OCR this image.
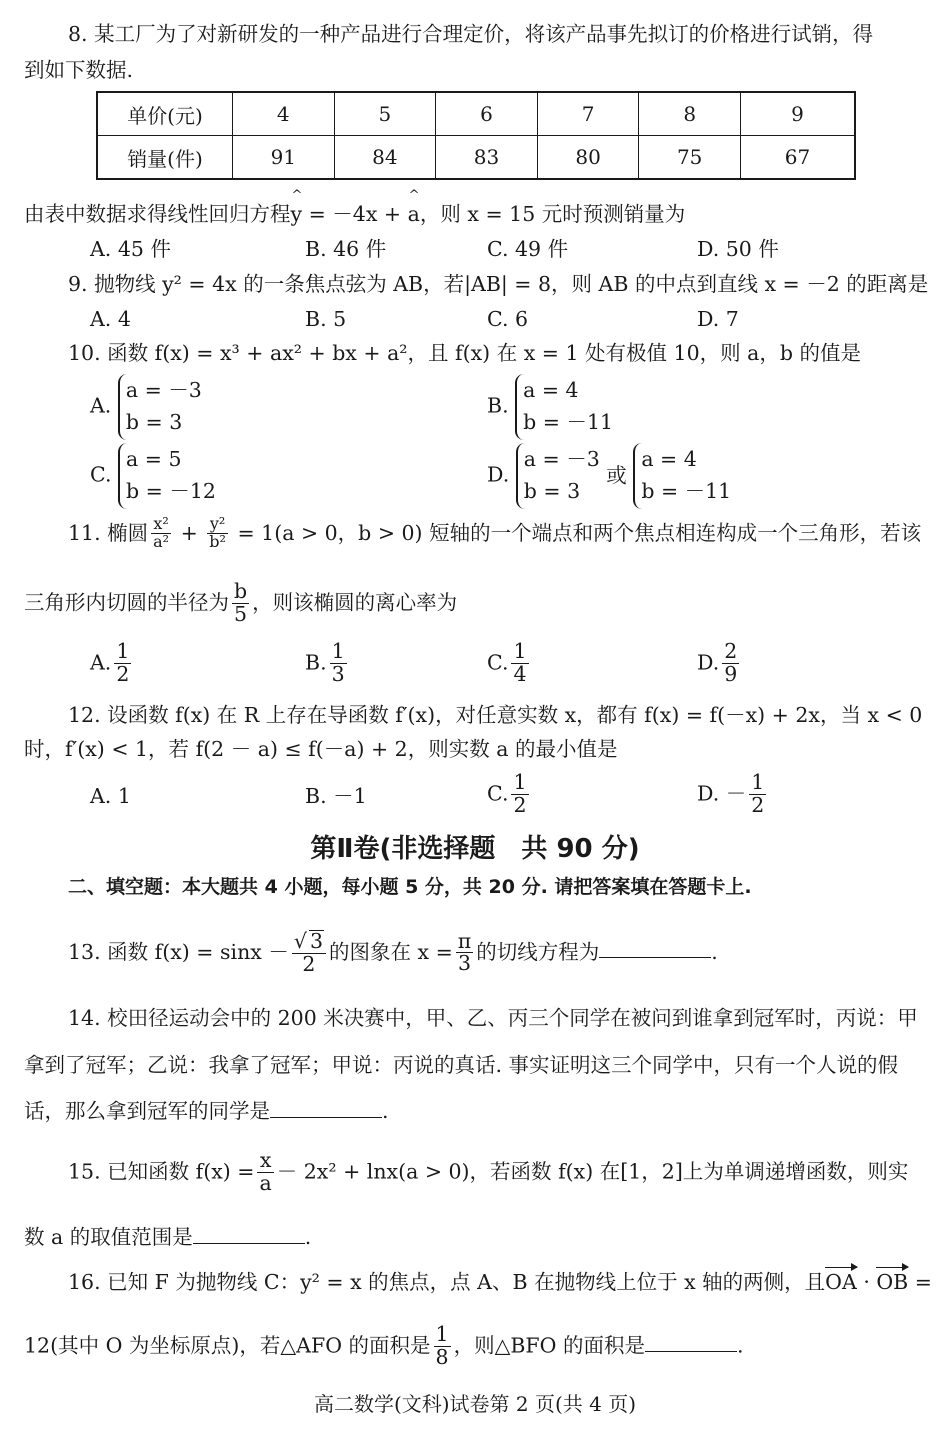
8. 某工厂为了对新研发的一种产品进行合理定价，将该产品事先拟订的价格进行试销，得
到如下数据.
单价(元)	4	5	6	7	8	9
销量(件)	91	84	83	80	75	67
由表中数据求得线性回归方程^ y = －4x + ^ a，则 x = 15 元时预测销量为
A. 45 件	B. 46 件	C. 49 件	D. 50 件
9. 抛物线 y² = 4x 的一条焦点弦为 AB，若|AB| = 8，则 AB 的中点到直线 x = －2 的距离是
A. 4	B. 5	C. 6	D. 7
10. 函数 f(x) = x³ + ax² + bx + a²，且 f(x) 在 x = 1 处有极值 10，则 a，b 的值是
A.
a = －3
b = 3
B.
a = 4
b = －11
C.
a = 5
b = －12
D.
a = －3
b = 3
或
a = 4
b = －11
11. 椭圆 $\frac{\text{x²}}{\text{a²}} + \frac{\text{y²}}{\text{b²}} = 1(a > 0$，b > 0) 短轴的一个端点和两个焦点相连构成一个三角形，若该
三角形内切圆的半径为 $\frac{b}{5}$ ，则该椭圆的离心率为
A. $\frac{1}{2}$	B. $\frac{1}{3}$	C. $\frac{1}{4}$	D. $\frac{2}{9}$
12. 设函数 f(x) 在 R 上存在导函数 f′(x)，对任意实数 x，都有 f(x) = f(－x) + 2x，当 x < 0
时，f′(x) < 1，若 f(2 － a) ≤ f(－a) + 2，则实数 a 的最小值是
A. 1	B. －1	C. $\frac{1}{2}$	D. － $\frac{1}{2}$
第Ⅱ卷(非选择题　共 90 分)
二、填空题：本大题共 4 小题，每小题 5 分，共 20 分. 请把答案填在答题卡上.
13. 函数 $f(x) = \sin x - \frac{√ 3}{2}$ 的图象在 $x = \frac{\pi}{3}$ 的切线方程为	.
14. 校田径运动会中的 200 米决赛中，甲、乙、丙三个同学在被问到谁拿到冠军时，丙说：甲
拿到了冠军；乙说：我拿了冠军；甲说：丙说的真话. 事实证明这三个同学中，只有一个人说的假
话，那么拿到冠军的同学是	.
15. 已知函数 $f(x) = \frac{x}{a} - 2x^2 + \ln x(a > 0)$，若函数 f(x) 在[1，2]上为单调递增函数，则实
数 a 的取值范围是	.
16. 已知 F 为抛物线 C：y² = x 的焦点，点 A、B 在抛物线上位于 x 轴的两侧，且OA · OB =
12(其中 O 为坐标原点)，若△AFO 的面积是 $\frac{1}{8}$ ，则△BFO 的面积是	.
高二数学(文科)试卷第 2 页(共 4 页)
